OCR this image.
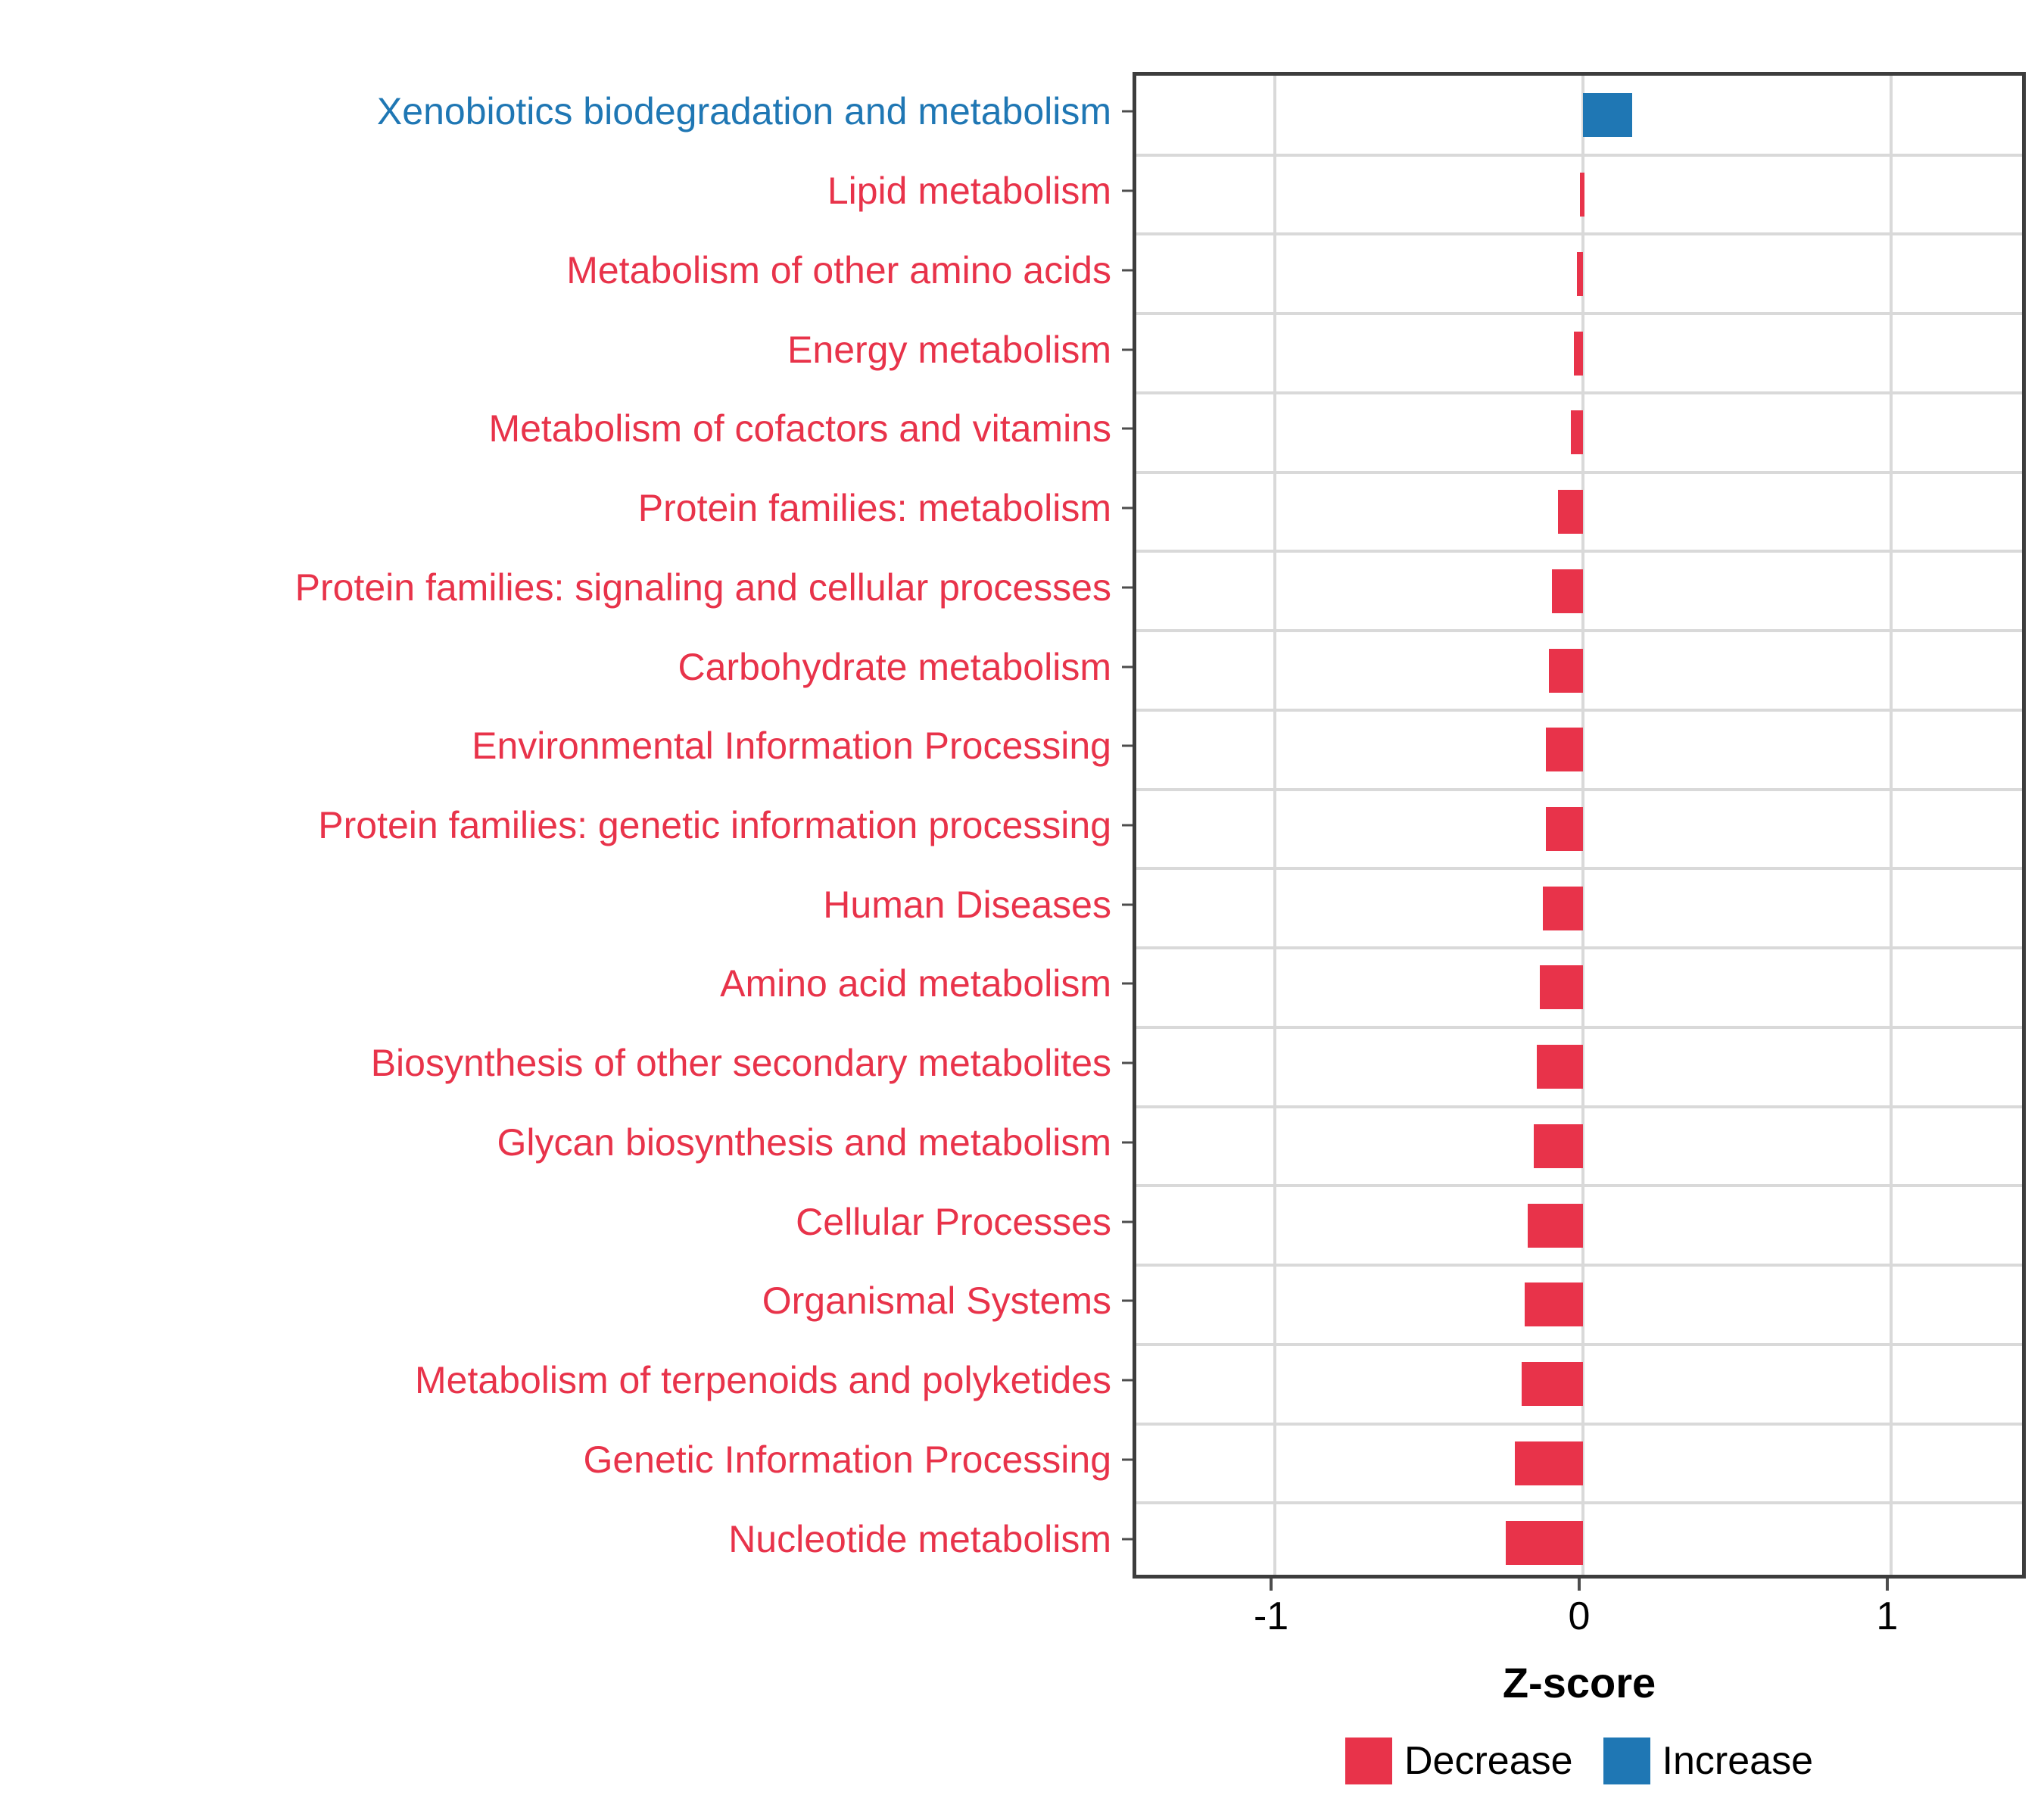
Xenobiotics biodegradation and metabolism
Lipid metabolism
Metabolism of other amino acids
Energy metabolism
Metabolism of cofactors and vitamins
Protein families: metabolism
Protein families: signaling and cellular processes
Carbohydrate metabolism
Environmental Information Processing
Protein families: genetic information processing
Human Diseases
Amino acid metabolism
Biosynthesis of other secondary metabolites
Glycan biosynthesis and metabolism
Cellular Processes
Organismal Systems
Metabolism of terpenoids and polyketides
Genetic Information Processing
Nucleotide metabolism
-1	0	1
Z-score
Decrease Increase
